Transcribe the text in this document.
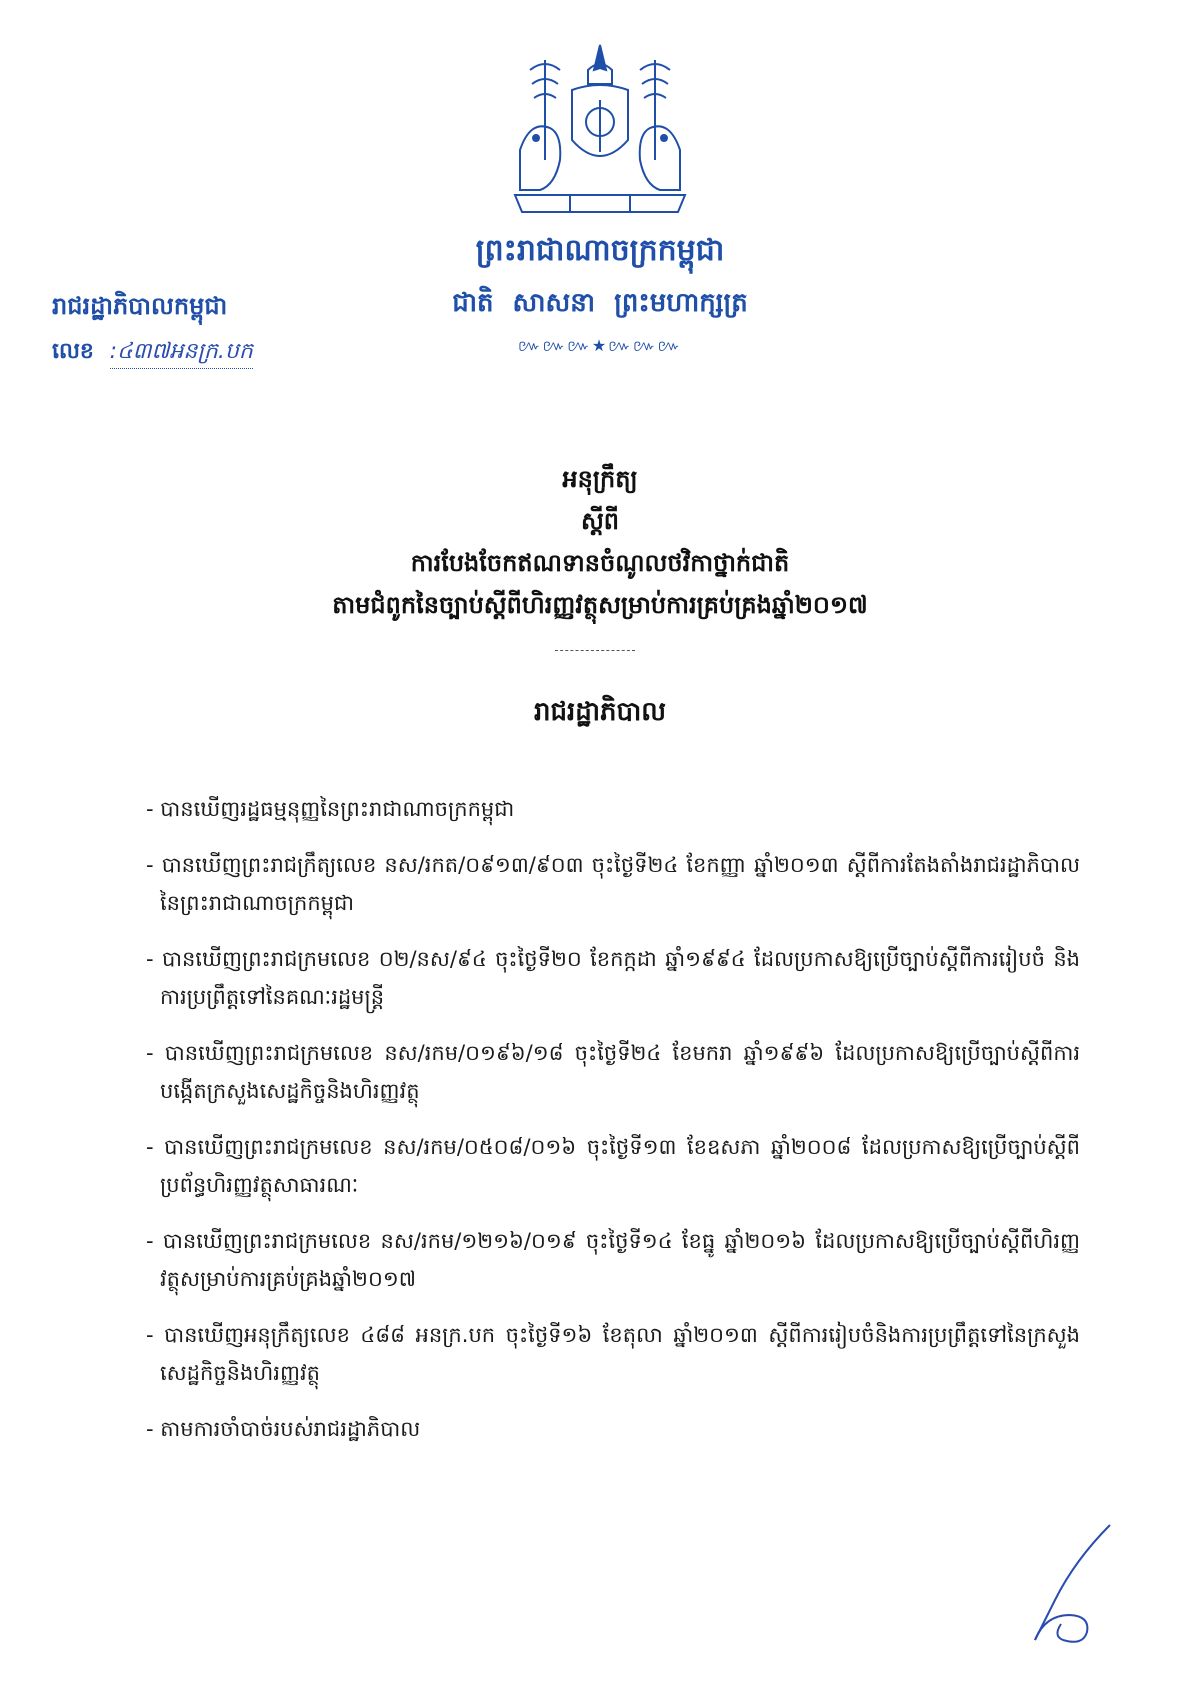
ព្រះរាជាណាចក្រកម្ពុជា
ជាតិ សាសនា ព្រះមហាក្សត្រ
៚៚៚★៚៚៚
រាជរដ្ឋាភិបាលកម្ពុជា
លេខ :៤៣៧អនក្រ.បក
អនុក្រឹត្យ
ស្តីពី
ការបែងចែកឥណទានចំណូលថវិកាថ្នាក់ជាតិ
តាមជំពូកនៃច្បាប់ស្តីពីហិរញ្ញវត្ថុសម្រាប់ការគ្រប់គ្រងឆ្នាំ២០១៧
រាជរដ្ឋាភិបាល
- បានឃើញរដ្ឋធម្មនុញ្ញនៃព្រះរាជាណាចក្រកម្ពុជា
- បានឃើញព្រះរាជក្រឹត្យលេខ នស/រកត/០៩១៣/៩០៣ ចុះថ្ងៃទី២៤ ខែកញ្ញា ឆ្នាំ២០១៣ ស្តីពីការតែងតាំងរាជរដ្ឋាភិបាលនៃព្រះរាជាណាចក្រកម្ពុជា
- បានឃើញព្រះរាជក្រមលេខ ០២/នស/៩៤ ចុះថ្ងៃទី២០ ខែកក្កដា ឆ្នាំ១៩៩៤ ដែលប្រកាសឱ្យប្រើច្បាប់ស្តីពីការរៀបចំ និងការប្រព្រឹត្តទៅនៃគណៈរដ្ឋមន្ត្រី
- បានឃើញព្រះរាជក្រមលេខ នស/រកម/០១៩៦/១៨ ចុះថ្ងៃទី២៤ ខែមករា ឆ្នាំ១៩៩៦ ដែលប្រកាសឱ្យប្រើច្បាប់ស្តីពីការបង្កើតក្រសួងសេដ្ឋកិច្ចនិងហិរញ្ញវត្ថុ
- បានឃើញព្រះរាជក្រមលេខ នស/រកម/០៥០៨/០១៦ ចុះថ្ងៃទី១៣ ខែឧសភា ឆ្នាំ២០០៨ ដែលប្រកាសឱ្យប្រើច្បាប់ស្តីពីប្រព័ន្ធហិរញ្ញវត្ថុសាធារណៈ
- បានឃើញព្រះរាជក្រមលេខ នស/រកម/១២១៦/០១៩ ចុះថ្ងៃទី១៤ ខែធ្នូ ឆ្នាំ២០១៦ ដែលប្រកាសឱ្យប្រើច្បាប់ស្តីពីហិរញ្ញវត្ថុសម្រាប់ការគ្រប់គ្រងឆ្នាំ២០១៧
- បានឃើញអនុក្រឹត្យលេខ ៤៨៨ អនក្រ.បក ចុះថ្ងៃទី១៦ ខែតុលា ឆ្នាំ២០១៣ ស្តីពីការរៀបចំនិងការប្រព្រឹត្តទៅនៃក្រសួងសេដ្ឋកិច្ចនិងហិរញ្ញវត្ថុ
- តាមការចាំបាច់របស់រាជរដ្ឋាភិបាល
